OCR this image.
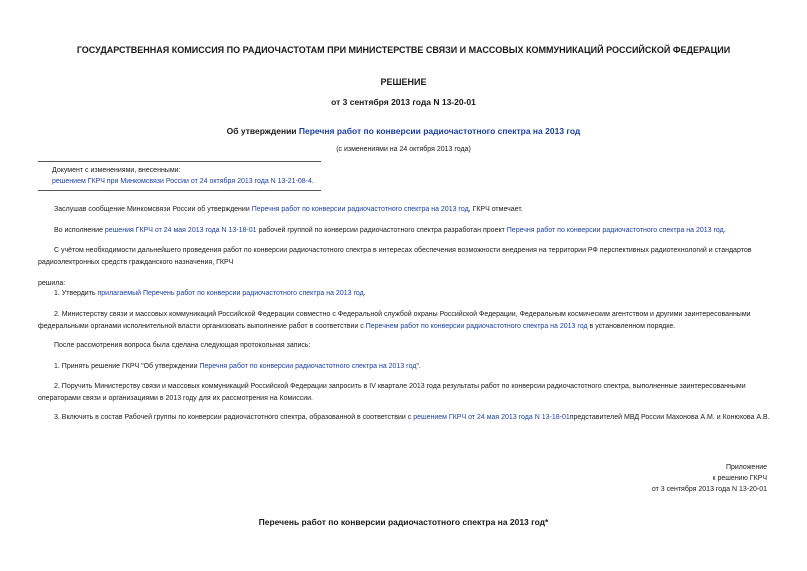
ГОСУДАРСТВЕННАЯ КОМИССИЯ ПО РАДИОЧАСТОТАМ ПРИ МИНИСТЕРСТВЕ СВЯЗИ И МАССОВЫХ КОММУНИКАЦИЙ РОССИЙСКОЙ ФЕДЕРАЦИИ
РЕШЕНИЕ
от 3 сентября 2013 года N 13-20-01
Об утверждении Перечня работ по конверсии радиочастотного спектра на 2013 год
(с изменениями на 24 октября 2013 года)
Документ с изменениями, внесенными:
решением ГКРЧ при Минкомсвязи России от 24 октября 2013 года N 13-21-08-4.
Заслушав сообщение Минкомсвязи России об утверждении Перечня работ по конверсии радиочастотного спектра на 2013 год, ГКРЧ отмечает.
Во исполнение решения ГКРЧ от 24 мая 2013 года N 13-18-01 рабочей группой по конверсии радиочастотного спектра разработан проект Перечня работ по конверсии радиочастотного спектра на 2013 год.
С учётом необходимости дальнейшего проведения работ по конверсии радиочастотного спектра в интересах обеспечения возможности внедрения на территории РФ перспективных радиотехнологий и стандартов радиоэлектронных средств гражданского назначения, ГКРЧ
решила:
1. Утвердить прилагаемый Перечень работ по конверсии радиочастотного спектра на 2013 год.
2. Министерству связи и массовых коммуникаций Российской Федерации совместно с Федеральной службой охраны Российской Федерации, Федеральным космическим агентством и другими заинтересованными федеральными органами исполнительной власти организовать выполнение работ в соответствии с Перечнем работ по конверсии радиочастотного спектра на 2013 год в установленном порядке.
После рассмотрения вопроса была сделана следующая протокольная запись:
1. Принять решение ГКРЧ "Об утверждении Перечня работ по конверсии радиочастотного спектра на 2013 год".
2. Поручить Министерству связи и массовых коммуникаций Российской Федерации запросить в IV квартале 2013 года результаты работ по конверсии радиочастотного спектра, выполненные заинтересованными операторами связи и организациями в 2013 году для их рассмотрения на Комиссии.
3. Включить в состав Рабочей группы по конверсии радиочастотного спектра, образованной в соответствии с решением ГКРЧ от 24 мая 2013 года N 13-18-01представителей МВД России Махонова А.М. и Конюхова А.В.
Приложение
к решению ГКРЧ
от 3 сентября 2013 года N 13-20-01
Перечень работ по конверсии радиочастотного спектра на 2013 год*
